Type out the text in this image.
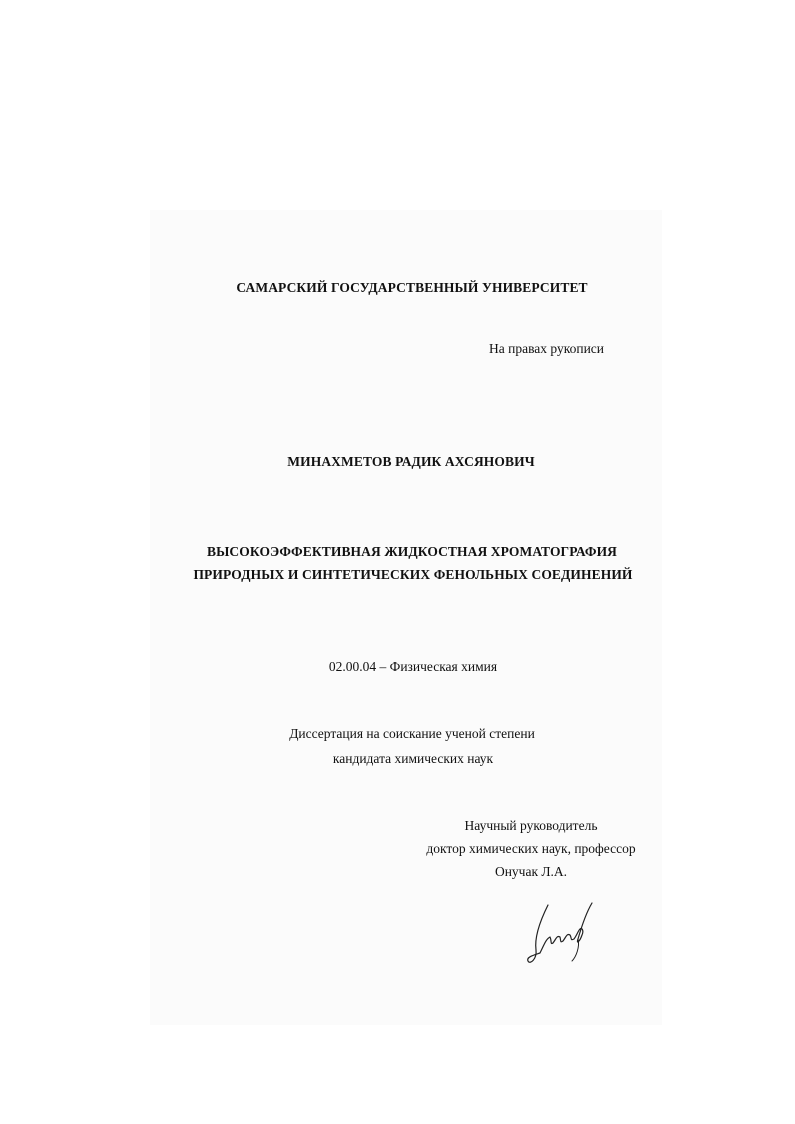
САМАРСКИЙ ГОСУДАРСТВЕННЫЙ УНИВЕРСИТЕТ
На правах рукописи
МИНАХМЕТОВ РАДИК АХСЯНОВИЧ
ВЫСОКОЭФФЕКТИВНАЯ ЖИДКОСТНАЯ ХРОМАТОГРАФИЯ
ПРИРОДНЫХ И СИНТЕТИЧЕСКИХ ФЕНОЛЬНЫХ СОЕДИНЕНИЙ
02.00.04 – Физическая химия
Диссертация на соискание ученой степени
кандидата химических наук
Научный руководитель
доктор химических наук, профессор
Онучак Л.А.
